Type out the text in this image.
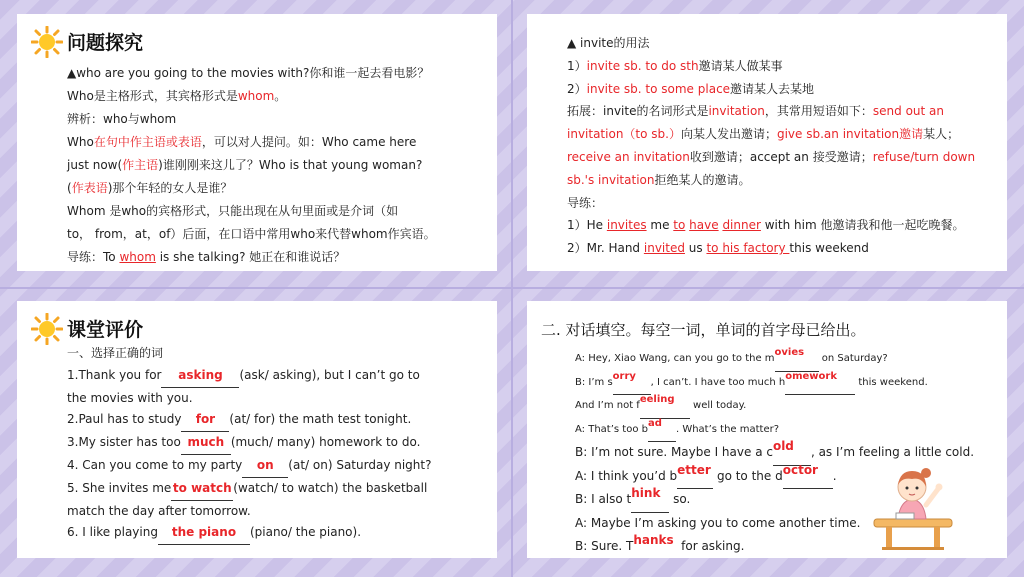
问题探究
▲who are you going to the movies with?你和谁一起去看电影？
Who是主格形式，其宾格形式是whom。
辨析：who与whom
Who在句中作主语或表语，可以对人提问。如：Who came here
just now(作主语)谁刚刚来这儿了？Who is that young woman?
(作表语)那个年轻的女人是谁？
Whom 是who的宾格形式，只能出现在从句里面或是介词（如
to， from，at，of）后面，在口语中常用who来代替whom作宾语。
导练：To whom is she talking? 她正在和谁说话？
▲ invite的用法
1）invite sb. to do sth邀请某人做某事
2）invite sb. to some place邀请某人去某地
拓展：invite的名词形式是invitation，其常用短语如下：send out an
invitation（to sb.）向某人发出邀请；give sb.an invitation邀请某人；
receive an invitation收到邀请；accept an 接受邀请；refuse/turn down
sb.'s invitation拒绝某人的邀请。
导练：
1）He invites me to have dinner with him 他邀请我和他一起吃晚餐。
2）Mr. Hand invited us to his factory this weekend
课堂评价
一、选择正确的词
1.Thank you for asking (ask/ asking), but I can’t go to
the movies with you.
2.Paul has to study for (at/ for) the math test tonight.
3.My sister has too much (much/ many) homework to do.
4. Can you come to my party on (at/ on) Saturday night?
5. She invites me to watch (watch/ to watch) the basketball
match the day after tomorrow.
6. I like playing the piano (piano/ the piano).
二. 对话填空。每空一词，单词的首字母已给出。
A: Hey, Xiao Wang, can you go to the movies on Saturday?
B: I’m sorry, I can’t. I have too much homework this weekend.
And I’m not feeling well today.
A: That’s too bad. What’s the matter?
B: I’m not sure. Maybe I have a cold , as I’m feeling a little cold.
A: I think you’d better go to the doctor .
B: I also think so.
A: Maybe I’m asking you to come another time.
B: Sure. Thanks for asking.
